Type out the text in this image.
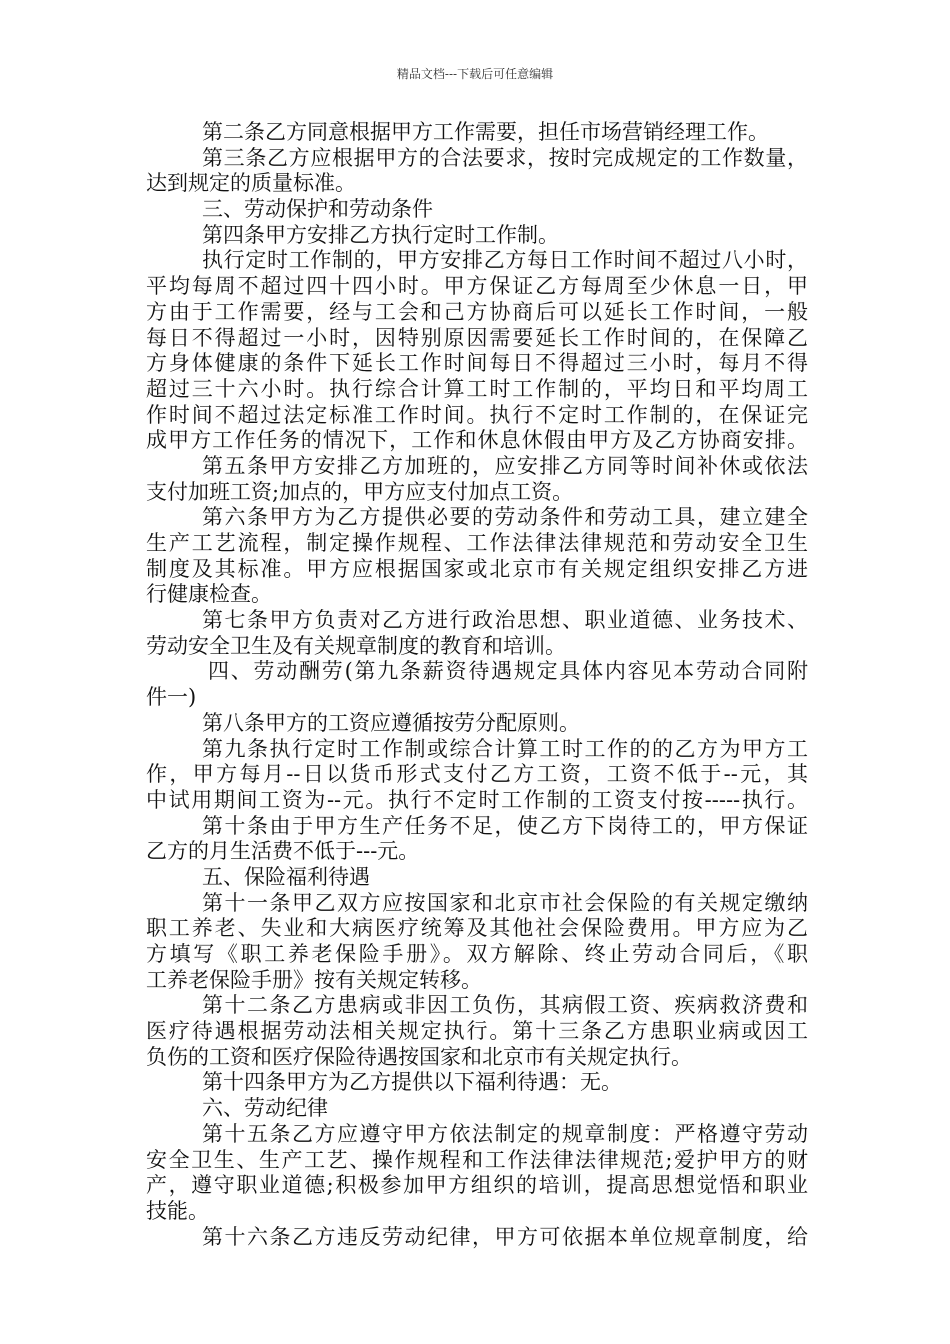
精品文档---下载后可任意编辑
第二条乙方同意根据甲方工作需要，担任市场营销经理工作。
第三条乙方应根据甲方的合法要求，按时完成规定的工作数量，
达到规定的质量标准。
三、劳动保护和劳动条件
第四条甲方安排乙方执行定时工作制。
执行定时工作制的，甲方安排乙方每日工作时间不超过八小时，
平均每周不超过四十四小时。甲方保证乙方每周至少休息一日，甲
方由于工作需要，经与工会和己方协商后可以延长工作时间，一般
每日不得超过一小时，因特别原因需要延长工作时间的，在保障乙
方身体健康的条件下延长工作时间每日不得超过三小时，每月不得
超过三十六小时。执行综合计算工时工作制的，平均日和平均周工
作时间不超过法定标准工作时间。执行不定时工作制的，在保证完
成甲方工作任务的情况下，工作和休息休假由甲方及乙方协商安排。
第五条甲方安排乙方加班的，应安排乙方同等时间补休或依法
支付加班工资;加点的，甲方应支付加点工资。
第六条甲方为乙方提供必要的劳动条件和劳动工具，建立建全
生产工艺流程，制定操作规程、工作法律法律规范和劳动安全卫生
制度及其标准。甲方应根据国家或北京市有关规定组织安排乙方进
行健康检查。
第七条甲方负责对乙方进行政治思想、职业道德、业务技术、
劳动安全卫生及有关规章制度的教育和培训。
四、劳动酬劳(第九条薪资待遇规定具体内容见本劳动合同附
件一)
第八条甲方的工资应遵循按劳分配原则。
第九条执行定时工作制或综合计算工时工作的的乙方为甲方工
作，甲方每月--日以货币形式支付乙方工资，工资不低于--元，其
中试用期间工资为--元。执行不定时工作制的工资支付按-----执行。
第十条由于甲方生产任务不足，使乙方下岗待工的，甲方保证
乙方的月生活费不低于---元。
五、保险福利待遇
第十一条甲乙双方应按国家和北京市社会保险的有关规定缴纳
职工养老、失业和大病医疗统筹及其他社会保险费用。甲方应为乙
方填写《职工养老保险手册》。双方解除、终止劳动合同后，《职
工养老保险手册》按有关规定转移。
第十二条乙方患病或非因工负伤，其病假工资、疾病救济费和
医疗待遇根据劳动法相关规定执行。第十三条乙方患职业病或因工
负伤的工资和医疗保险待遇按国家和北京市有关规定执行。
第十四条甲方为乙方提供以下福利待遇：无。
六、劳动纪律
第十五条乙方应遵守甲方依法制定的规章制度：严格遵守劳动
安全卫生、生产工艺、操作规程和工作法律法律规范;爱护甲方的财
产，遵守职业道德;积极参加甲方组织的培训，提高思想觉悟和职业
技能。
第十六条乙方违反劳动纪律，甲方可依据本单位规章制度，给
